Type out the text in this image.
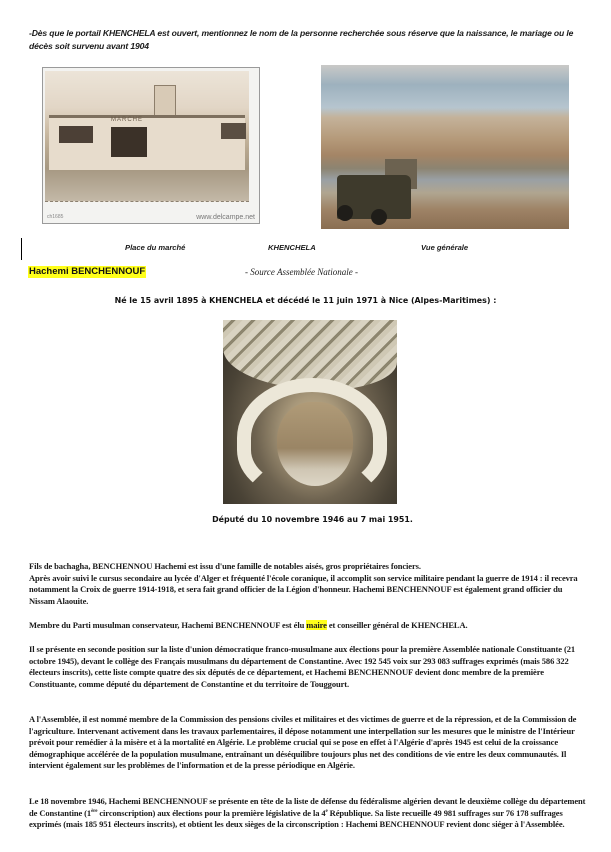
-Dès que le portail KHENCHELA est ouvert, mentionnez le nom de la personne recherchée sous réserve que la naissance, le mariage ou le décès soit survenu avant 1904
MARCHE
ch1685	www.delcampe.net
Place du marché	KHENCHELA	Vue générale
Hachemi BENCHENNOUF	- Source Assemblée Nationale -
Né le 15 avril 1895 à KHENCHELA et décédé le 11 juin 1971 à Nice (Alpes-Maritimes) :
Député du 10 novembre 1946 au 7 mai 1951.

Fils de bachagha, BENCHENNOU Hachemi est issu d'une famille de notables aisés, gros propriétaires fonciers.

Après avoir suivi le cursus secondaire au lycée d'Alger et fréquenté l'école coranique, il accomplit son service militaire pendant la guerre de 1914 : il recevra notamment la Croix de guerre 1914-1918, et sera fait grand officier de la Légion d'honneur. Hachemi BENCHENNOUF est également grand officier du Nissam Alaouite.

Membre du Parti musulman conservateur, Hachemi BENCHENNOUF est élu maire et conseiller général de KHENCHELA.

Il se présente en seconde position sur la liste d'union démocratique franco-musulmane aux élections pour la première Assemblée nationale Constituante (21 octobre 1945), devant le collège des Français musulmans du département de Constantine. Avec 192 545 voix sur 293 083 suffrages exprimés (mais 586 322 électeurs inscrits), cette liste compte quatre des six députés de ce département, et Hachemi BENCHENNOUF devient donc membre de la première Constituante, comme député du département de Constantine et du territoire de Touggourt.

A l'Assemblée, il est nommé membre de la Commission des pensions civiles et militaires et des victimes de guerre et de la répression, et de la Commission de l'agriculture. Intervenant activement dans les travaux parlementaires, il dépose notamment une interpellation sur les mesures que le ministre de l'Intérieur prévoit pour remédier à la misère et à la mortalité en Algérie. Le problème crucial qui se pose en effet à l'Algérie d'après 1945 est celui de la croissance démographique accélérée de la population musulmane, entraînant un déséquilibre toujours plus net des conditions de vie entre les deux communautés. Il intervient également sur les problèmes de l'information et de la presse périodique en Algérie.

Le 18 novembre 1946, Hachemi BENCHENNOUF se présente en tête de la liste de défense du fédéralisme algérien devant le deuxième collège du département de Constantine (1ère circonscription) aux élections pour la première législative de la 4e République. Sa liste recueille 49 981 suffrages sur 76 178 suffrages exprimés (mais 185 951 électeurs inscrits), et obtient les deux sièges de la circonscription : Hachemi BENCHENNOUF revient donc siéger à l'Assemblée.
